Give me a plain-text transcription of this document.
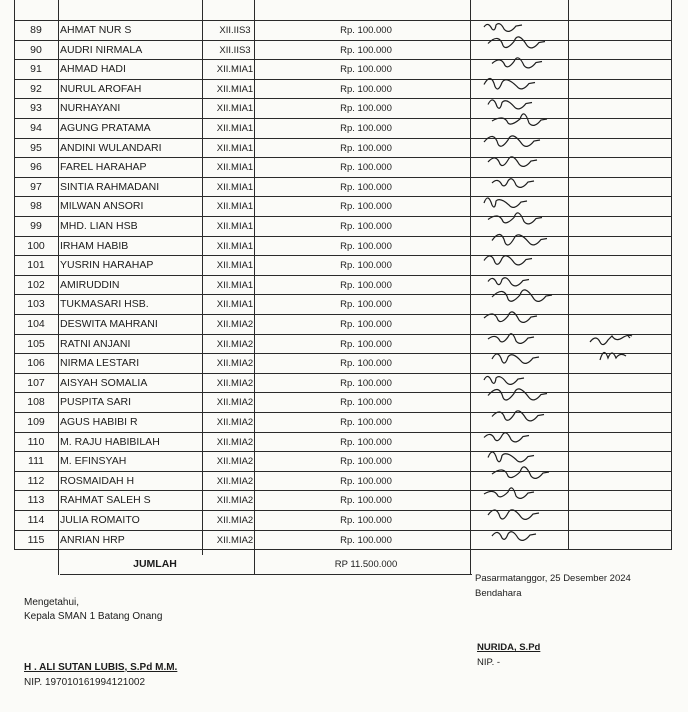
89	AHMAT NUR S	XII.IIS3	Rp. 100.000
90	AUDRI NIRMALA	XII.IIS3	Rp. 100.000
91	AHMAD HADI	XII.MIA1	Rp. 100.000
92	NURUL AROFAH	XII.MIA1	Rp. 100.000
93	NURHAYANI	XII.MIA1	Rp. 100.000
94	AGUNG PRATAMA	XII.MIA1	Rp. 100.000
95	ANDINI WULANDARI	XII.MIA1	Rp. 100.000
96	FAREL HARAHAP	XII.MIA1	Rp. 100.000
97	SINTIA RAHMADANI	XII.MIA1	Rp. 100.000
98	MILWAN ANSORI	XII.MIA1	Rp. 100.000
99	MHD. LIAN HSB	XII.MIA1	Rp. 100.000
100	IRHAM HABIB	XII.MIA1	Rp. 100.000
101	YUSRIN HARAHAP	XII.MIA1	Rp. 100.000
102	AMIRUDDIN	XII.MIA1	Rp. 100.000
103	TUKMASARI HSB.	XII.MIA1	Rp. 100.000
104	DESWITA MAHRANI	XII.MIA2	Rp. 100.000
105	RATNI ANJANI	XII.MIA2	Rp. 100.000
106	NIRMA LESTARI	XII.MIA2	Rp. 100.000
107	AISYAH SOMALIA	XII.MIA2	Rp. 100.000
108	PUSPITA SARI	XII.MIA2	Rp. 100.000
109	AGUS HABIBI R	XII.MIA2	Rp. 100.000
110	M. RAJU HABIBILAH	XII.MIA2	Rp. 100.000
111	M. EFINSYAH	XII.MIA2	Rp. 100.000
112	ROSMAIDAH H	XII.MIA2	Rp. 100.000
113	RAHMAT SALEH S	XII.MIA2	Rp. 100.000
114	JULIA ROMAITO	XII.MIA2	Rp. 100.000
115	ANRIAN HRP	XII.MIA2	Rp. 100.000
JUMLAH	RP 11.500.000
Mengetahui,
Kepala SMAN 1 Batang Onang
H . ALI SUTAN LUBIS, S.Pd M.M.
NIP. 197010161994121002
Pasarmatanggor, 25 Desember 2024
Bendahara
NURIDA, S.Pd
NIP. -
